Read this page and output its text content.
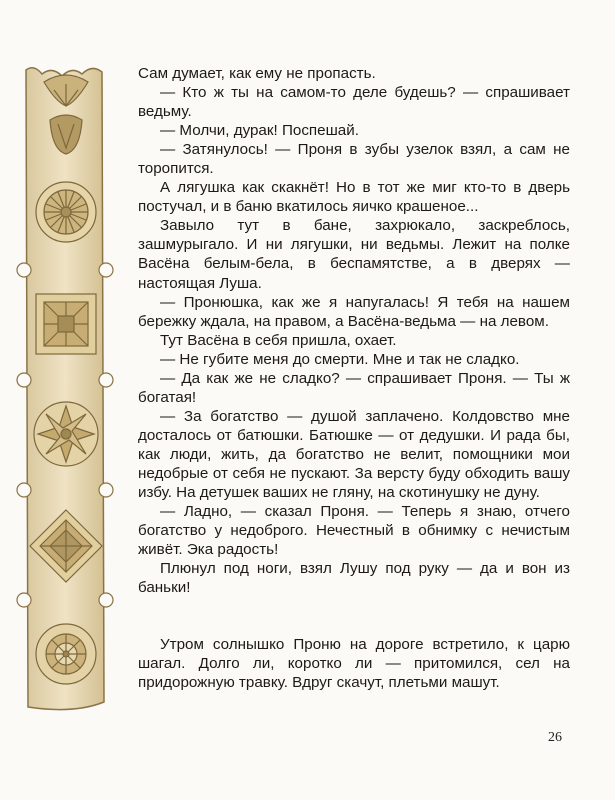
Сам думает, как ему не пропасть.

— Кто ж ты на самом-то деле будешь? — спрашивает ведьму.

— Молчи, дурак! Поспешай.

— Затянулось! — Проня в зубы узелок взял, а сам не торопится.

А лягушка как скакнёт! Но в тот же миг кто-то в дверь постучал, и в баню вкатилось яичко крашеное...

Завыло тут в бане, захрюкало, заскреблось, зашмурыгало. И ни лягушки, ни ведьмы. Лежит на полке Васёна белым-бела, в беспамятстве, а в дверях — настоящая Луша.

— Пронюшка, как же я напугалась! Я тебя на нашем бережку ждала, на правом, а Васёна-ведьма — на левом.

Тут Васёна в себя пришла, охает.

— Не губите меня до смерти. Мне и так не сладко.

— Да как же не сладко? — спрашивает Проня. — Ты ж богатая!

— За богатство — душой заплачено. Колдовство мне досталось от батюшки. Батюшке — от дедушки. И рада бы, как люди, жить, да богатство не велит, помощники мои недобрые от себя не пускают. За версту буду обходить вашу избу. На детушек ваших не гляну, на скотинушку не дуну.

— Ладно, — сказал Проня. — Теперь я знаю, отчего богатство у недоброго. Нечестный в обнимку с нечистым живёт. Эка радость!

Плюнул под ноги, взял Лушу под руку — да и вон из баньки!

Утром солнышко Проню на дороге встретило, к царю шагал. Долго ли, коротко ли — притомился, сел на придорожную травку. Вдруг скачут, плетьми машут.

26
